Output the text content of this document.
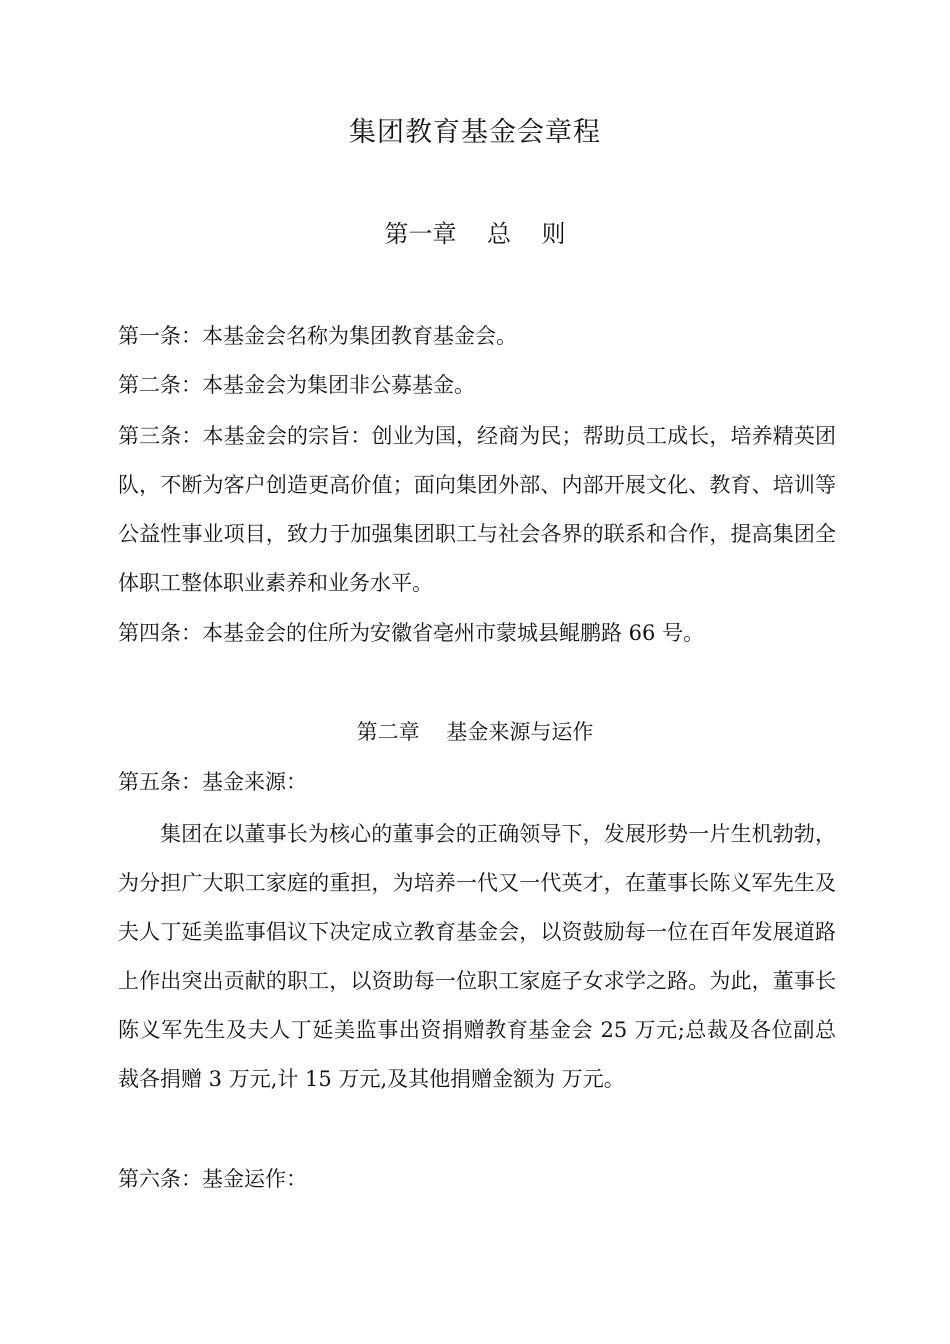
集团教育基金会章程
第一章    总    则

第一条：本基金会名称为集团教育基金会。

第二条：本基金会为集团非公募基金。

第三条：本基金会的宗旨：创业为国，经商为民；帮助员工成长，培养精英团队，不断为客户创造更高价值；面向集团外部、内部开展文化、教育、培训等公益性事业项目，致力于加强集团职工与社会各界的联系和合作，提高集团全体职工整体职业素养和业务水平。

第四条：本基金会的住所为安徽省亳州市蒙城县鲲鹏路 66 号。

第二章    基金来源与运作

第五条：基金来源：

集团在以董事长为核心的董事会的正确领导下，发展形势一片生机勃勃，为分担广大职工家庭的重担，为培养一代又一代英才，在董事长陈义军先生及夫人丁延美监事倡议下决定成立教育基金会，以资鼓励每一位在百年发展道路上作出突出贡献的职工，以资助每一位职工家庭子女求学之路。为此，董事长陈义军先生及夫人丁延美监事出资捐赠教育基金会 25 万元;总裁及各位副总裁各捐赠 3 万元,计 15 万元,及其他捐赠金额为 万元。

第六条：基金运作：
